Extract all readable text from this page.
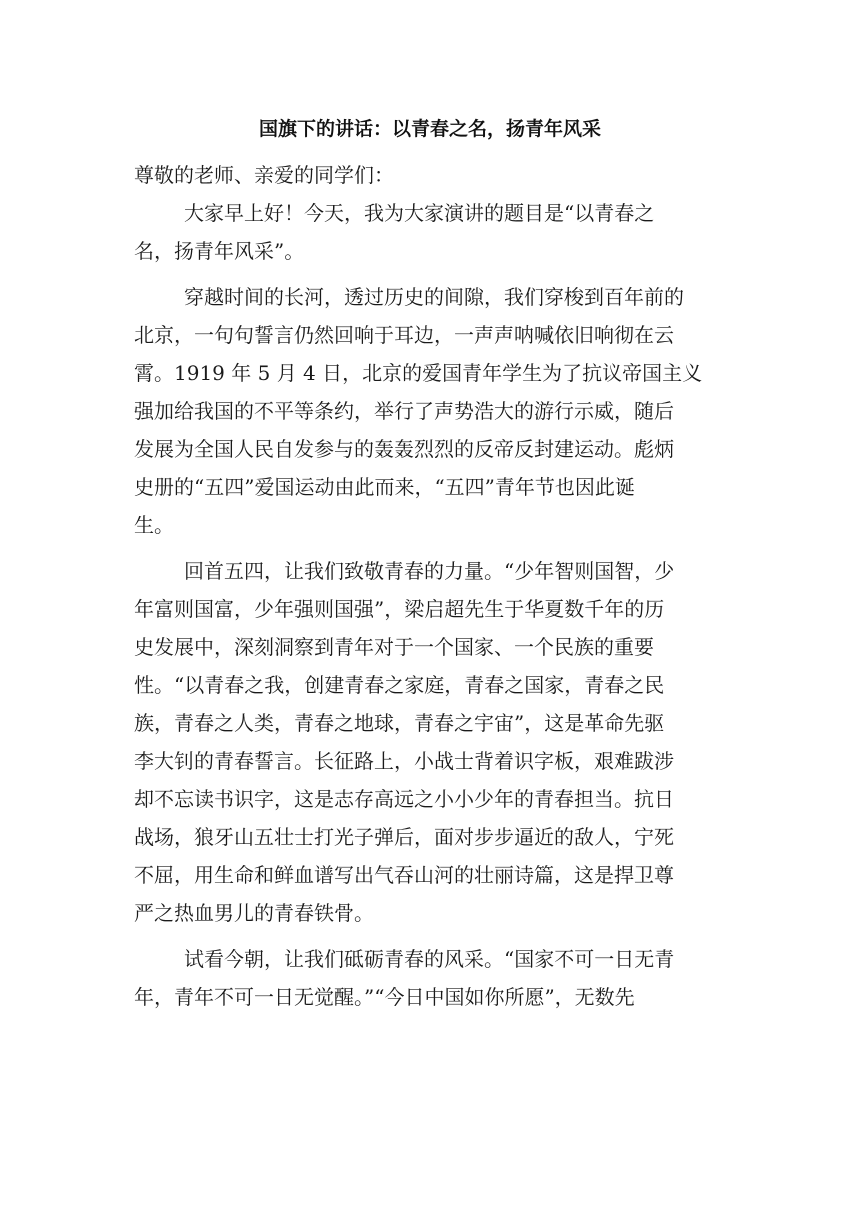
国旗下的讲话：以青春之名，扬青年风采
尊敬的老师、亲爱的同学们：
大家早上好！今天，我为大家演讲的题目是“以青春之
名，扬青年风采”。
穿越时间的长河，透过历史的间隙，我们穿梭到百年前的
北京，一句句誓言仍然回响于耳边，一声声呐喊依旧响彻在云
霄。1919 年 5 月 4 日，北京的爱国青年学生为了抗议帝国主义
强加给我国的不平等条约，举行了声势浩大的游行示威，随后
发展为全国人民自发参与的轰轰烈烈的反帝反封建运动。彪炳
史册的“五四”爱国运动由此而来，“五四”青年节也因此诞
生。
回首五四，让我们致敬青春的力量。“少年智则国智，少
年富则国富，少年强则国强”，梁启超先生于华夏数千年的历
史发展中，深刻洞察到青年对于一个国家、一个民族的重要
性。“以青春之我，创建青春之家庭，青春之国家，青春之民
族，青春之人类，青春之地球，青春之宇宙”，这是革命先驱
李大钊的青春誓言。长征路上，小战士背着识字板，艰难跋涉
却不忘读书识字，这是志存高远之小小少年的青春担当。抗日
战场，狼牙山五壮士打光子弹后，面对步步逼近的敌人，宁死
不屈，用生命和鲜血谱写出气吞山河的壮丽诗篇，这是捍卫尊
严之热血男儿的青春铁骨。
试看今朝，让我们砥砺青春的风采。“国家不可一日无青
年，青年不可一日无觉醒。”“今日中国如你所愿”，无数先
